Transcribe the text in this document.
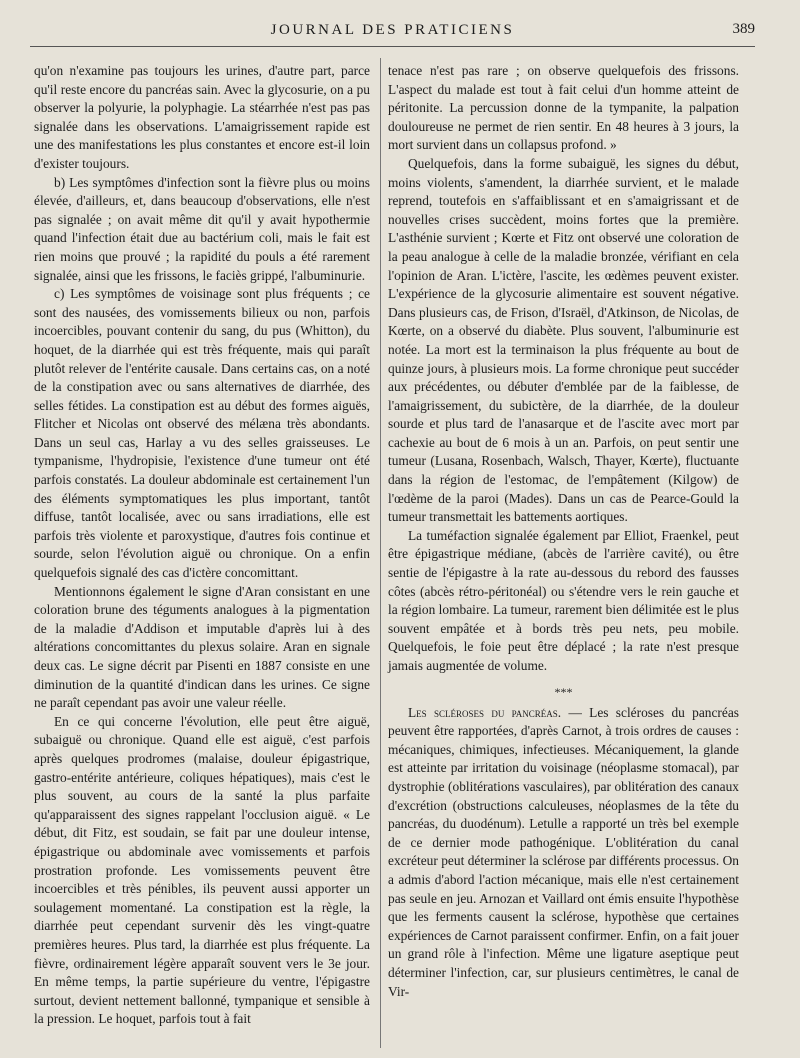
JOURNAL DES PRATICIENS	389

qu'on n'examine pas toujours les urines, d'autre part, parce qu'il reste encore du pancréas sain. Avec la glycosurie, on a pu observer la polyurie, la polyphagie. La stéarrhée n'est pas pas signalée dans les observations. L'amaigrissement rapide est une des manifestations les plus constantes et encore est-il loin d'exister toujours.

b) Les symptômes d'infection sont la fièvre plus ou moins élevée, d'ailleurs, et, dans beaucoup d'observations, elle n'est pas signalée ; on avait même dit qu'il y avait hypothermie quand l'infection était due au bactérium coli, mais le fait est rien moins que prouvé ; la rapidité du pouls a été rarement signalée, ainsi que les frissons, le faciès grippé, l'albuminurie.

c) Les symptômes de voisinage sont plus fréquents ; ce sont des nausées, des vomissements bilieux ou non, parfois incoercibles, pouvant contenir du sang, du pus (Whitton), du hoquet, de la diarrhée qui est très fréquente, mais qui paraît plutôt relever de l'entérite causale. Dans certains cas, on a noté de la constipation avec ou sans alternatives de diarrhée, des selles fétides. La constipation est au début des formes aiguës, Flitcher et Nicolas ont observé des mélæna très abondants. Dans un seul cas, Harlay a vu des selles graisseuses. Le tympanisme, l'hydropisie, l'existence d'une tumeur ont été parfois constatés. La douleur abdominale est certainement l'un des éléments symptomatiques les plus important, tantôt diffuse, tantôt localisée, avec ou sans irradiations, elle est parfois très violente et paroxystique, d'autres fois continue et sourde, selon l'évolution aiguë ou chronique. On a enfin quelquefois signalé des cas d'ictère concomittant.

Mentionnons également le signe d'Aran consistant en une coloration brune des téguments analogues à la pigmentation de la maladie d'Addison et imputable d'après lui à des altérations concomittantes du plexus solaire. Aran en signale deux cas. Le signe décrit par Pisenti en 1887 consiste en une diminution de la quantité d'indican dans les urines. Ce signe ne paraît cependant pas avoir une valeur réelle.

En ce qui concerne l'évolution, elle peut être aiguë, subaiguë ou chronique. Quand elle est aiguë, c'est parfois après quelques prodromes (malaise, douleur épigastrique, gastro-entérite antérieure, coliques hépatiques), mais c'est le plus souvent, au cours de la santé la plus parfaite qu'apparaissent des signes rappelant l'occlusion aiguë. « Le début, dit Fitz, est soudain, se fait par une douleur intense, épigastrique ou abdominale avec vomissements et parfois prostration profonde. Les vomissements peuvent être incoercibles et très pénibles, ils peuvent aussi apporter un soulagement momentané. La constipation est la règle, la diarrhée peut cependant survenir dès les vingt-quatre premières heures. Plus tard, la diarrhée est plus fréquente. La fièvre, ordinairement légère apparaît souvent vers le 3e jour. En même temps, la partie supérieure du ventre, l'épigastre surtout, devient nettement ballonné, tympanique et sensible à la pression. Le hoquet, parfois tout à fait

tenace n'est pas rare ; on observe quelquefois des frissons. L'aspect du malade est tout à fait celui d'un homme atteint de péritonite. La percussion donne de la tympanite, la palpation douloureuse ne permet de rien sentir. En 48 heures à 3 jours, la mort survient dans un collapsus profond. »

Quelquefois, dans la forme subaiguë, les signes du début, moins violents, s'amendent, la diarrhée survient, et le malade reprend, toutefois en s'affaiblissant et en s'amaigrissant et de nouvelles crises succèdent, moins fortes que la première. L'asthénie survient ; Kœrte et Fitz ont observé une coloration de la peau analogue à celle de la maladie bronzée, vérifiant en cela l'opinion de Aran. L'ictère, l'ascite, les œdèmes peuvent exister. L'expérience de la glycosurie alimentaire est souvent négative. Dans plusieurs cas, de Frison, d'Israël, d'Atkinson, de Nicolas, de Kœrte, on a observé du diabète. Plus souvent, l'albuminurie est notée. La mort est la terminaison la plus fréquente au bout de quinze jours, à plusieurs mois. La forme chronique peut succéder aux précédentes, ou débuter d'emblée par de la faiblesse, de l'amaigrissement, du subictère, de la diarrhée, de la douleur sourde et plus tard de l'anasarque et de l'ascite avec mort par cachexie au bout de 6 mois à un an. Parfois, on peut sentir une tumeur (Lusana, Rosenbach, Walsch, Thayer, Kœrte), fluctuante dans la région de l'estomac, de l'empâtement (Kilgow) de l'œdème de la paroi (Mades). Dans un cas de Pearce-Gould la tumeur transmettait les battements aortiques.

La tuméfaction signalée également par Elliot, Fraenkel, peut être épigastrique médiane, (abcès de l'arrière cavité), ou être sentie de l'épigastre à la rate au-dessous du rebord des fausses côtes (abcès rétro-péritonéal) ou s'étendre vers le rein gauche et la région lombaire. La tumeur, rarement bien délimitée est le plus souvent empâtée et à bords très peu nets, peu mobile. Quelquefois, le foie peut être déplacé ; la rate n'est presque jamais augmentée de volume.

***

Les scléroses du pancréas. — Les scléroses du pancréas peuvent être rapportées, d'après Carnot, à trois ordres de causes : mécaniques, chimiques, infectieuses. Mécaniquement, la glande est atteinte par irritation du voisinage (néoplasme stomacal), par dystrophie (oblitérations vasculaires), par oblitération des canaux d'excrétion (obstructions calculeuses, néoplasmes de la tête du pancréas, du duodénum). Letulle a rapporté un très bel exemple de ce dernier mode pathogénique. L'oblitération du canal excréteur peut déterminer la sclérose par différents processus. On a admis d'abord l'action mécanique, mais elle n'est certainement pas seule en jeu. Arnozan et Vaillard ont émis ensuite l'hypothèse que les ferments causent la sclérose, hypothèse que certaines expériences de Carnot paraissent confirmer. Enfin, on a fait jouer un grand rôle à l'infection. Même une ligature aseptique peut déterminer l'infection, car, sur plusieurs centimètres, le canal de Vir-
